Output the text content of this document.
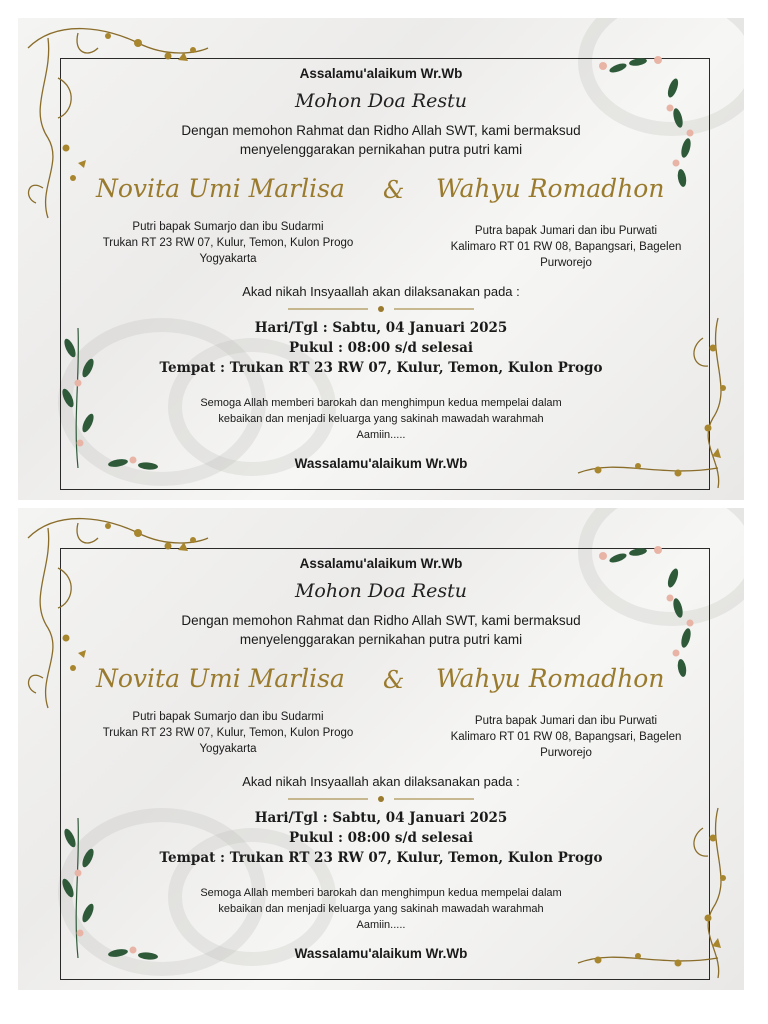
Assalamu'alaikum Wr.Wb
Mohon Doa Restu
Dengan memohon Rahmat dan Ridho Allah SWT, kami bermaksud
menyelenggarakan pernikahan putra putri kami
Novita Umi Marlisa & Wahyu Romadhon
Putri bapak Sumarjo dan ibu Sudarmi
Trukan RT 23 RW 07, Kulur, Temon, Kulon Progo
Yogyakarta
Putra bapak Jumari dan ibu Purwati
Kalimaro RT 01 RW 08, Bapangsari, Bagelen
Purworejo
Akad nikah Insyaallah akan dilaksanakan pada :
Hari/Tgl : Sabtu, 04 Januari 2025
Pukul : 08:00 s/d selesai
Tempat : Trukan RT 23 RW 07, Kulur, Temon, Kulon Progo
Semoga Allah memberi barokah dan menghimpun kedua mempelai dalam
kebaikan dan menjadi keluarga yang sakinah mawadah warahmah
Aamiin.....
Wassalamu'alaikum Wr.Wb
Assalamu'alaikum Wr.Wb
Mohon Doa Restu
Dengan memohon Rahmat dan Ridho Allah SWT, kami bermaksud
menyelenggarakan pernikahan putra putri kami
Novita Umi Marlisa & Wahyu Romadhon
Putri bapak Sumarjo dan ibu Sudarmi
Trukan RT 23 RW 07, Kulur, Temon, Kulon Progo
Yogyakarta
Putra bapak Jumari dan ibu Purwati
Kalimaro RT 01 RW 08, Bapangsari, Bagelen
Purworejo
Akad nikah Insyaallah akan dilaksanakan pada :
Hari/Tgl : Sabtu, 04 Januari 2025
Pukul : 08:00 s/d selesai
Tempat : Trukan RT 23 RW 07, Kulur, Temon, Kulon Progo
Semoga Allah memberi barokah dan menghimpun kedua mempelai dalam
kebaikan dan menjadi keluarga yang sakinah mawadah warahmah
Aamiin.....
Wassalamu'alaikum Wr.Wb
